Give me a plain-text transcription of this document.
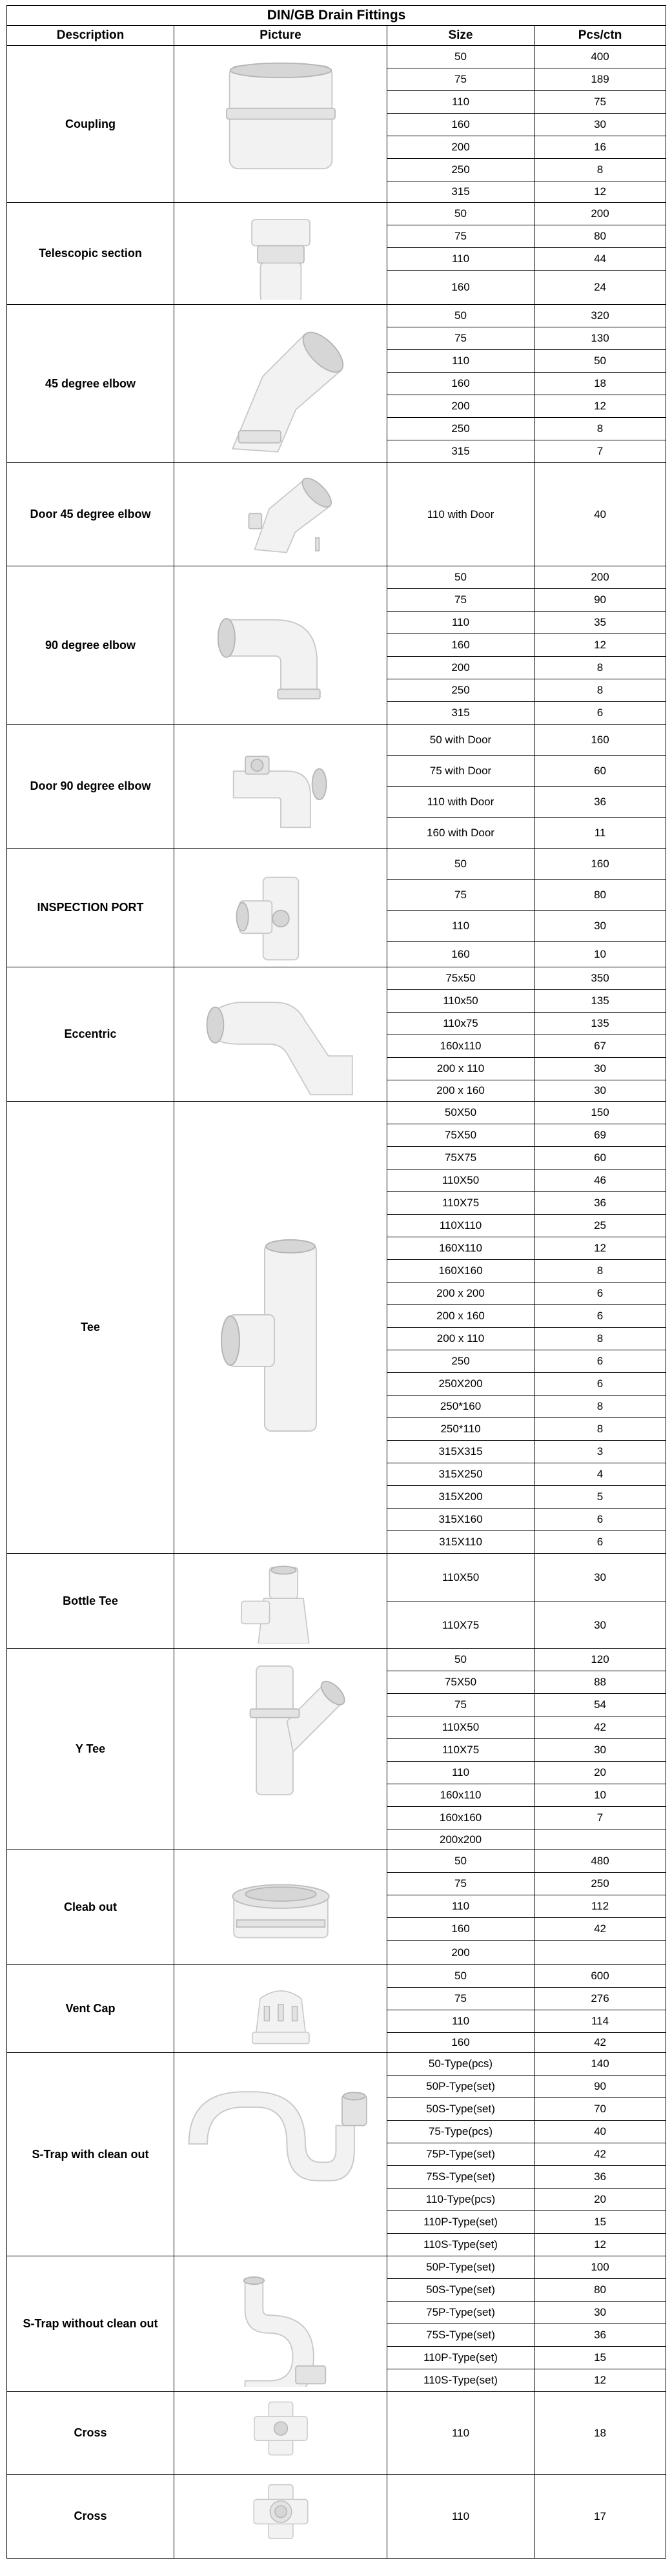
DIN/GB Drain Fittings			
Description	Picture	Size	Pcs/ctn
Coupling		50	400
		75	189
		110	75
		160	30
		200	16
		250	8
		315	12
Telescopic section		50	200
		75	80
		110	44
		160	24
45 degree elbow		50	320
		75	130
		110	50
		160	18
		200	12
		250	8
		315	7
Door 45 degree elbow		110 with Door	40
90 degree elbow		50	200
		75	90
		110	35
		160	12
		200	8
		250	8
		315	6
Door 90 degree elbow		50 with Door	160
		75 with Door	60
		110 with Door	36
		160 with Door	11
INSPECTION PORT		50	160
		75	80
		110	30
		160	10
Eccentric		75x50	350
		110x50	135
		110x75	135
		160x110	67
		200 x 110	30
		200 x 160	30
Tee		50X50	150
		75X50	69
		75X75	60
		110X50	46
		110X75	36
		110X110	25
		160X110	12
		160X160	8
		200 x 200	6
		200 x 160	6
		200 x 110	8
		250	6
		250X200	6
		250*160	8
		250*110	8
		315X315	3
		315X250	4
		315X200	5
		315X160	6
		315X110	6
Bottle Tee		110X50	30
		110X75	30
Y Tee		50	120
		75X50	88
		75	54
		110X50	42
		110X75	30
		110	20
		160x110	10
		160x160	7
		200x200	
Cleab out		50	480
		75	250
		110	112
		160	42
		200	
Vent Cap		50	600
		75	276
		110	114
		160	42
S-Trap with clean out		50-Type(pcs)	140
		50P-Type(set)	90
		50S-Type(set)	70
		75-Type(pcs)	40
		75P-Type(set)	42
		75S-Type(set)	36
		110-Type(pcs)	20
		110P-Type(set)	15
		110S-Type(set)	12
S-Trap without clean out		50P-Type(set)	100
		50S-Type(set)	80
		75P-Type(set)	30
		75S-Type(set)	36
		110P-Type(set)	15
		110S-Type(set)	12
Cross		110	18
Cross		110	17
